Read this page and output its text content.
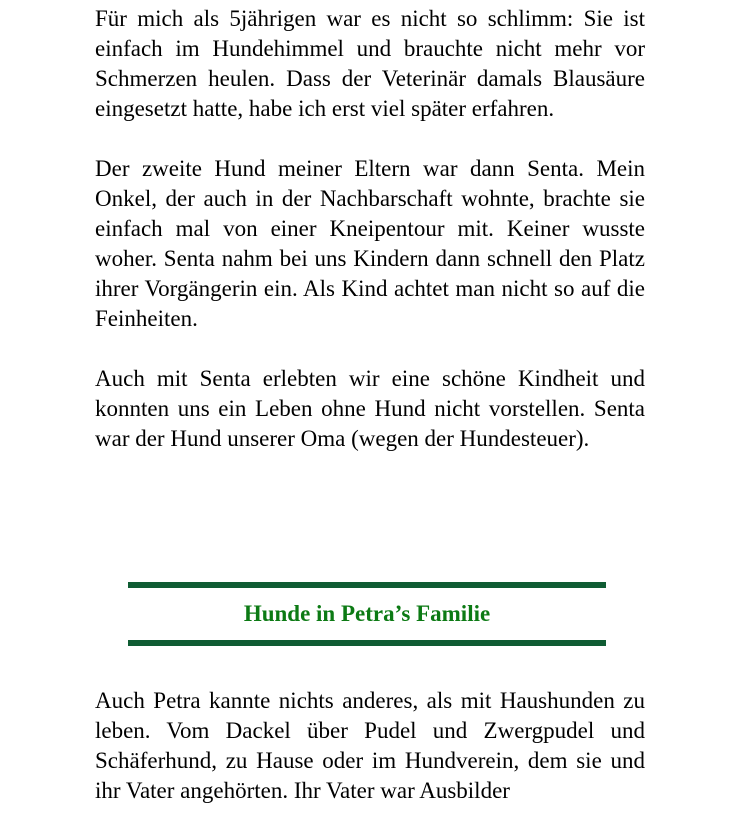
Für mich als 5jährigen war es nicht so schlimm: Sie ist einfach im Hundehimmel und brauchte nicht mehr vor Schmerzen heulen. Dass der Veterinär damals Blausäure eingesetzt hatte, habe ich erst viel später erfahren.

Der zweite Hund meiner Eltern war dann Senta. Mein Onkel, der auch in der Nachbarschaft wohnte, brachte sie einfach mal von einer Kneipentour mit. Keiner wusste woher. Senta nahm bei uns Kindern dann schnell den Platz ihrer Vorgängerin ein. Als Kind achtet man nicht so auf die Feinheiten.

Auch mit Senta erlebten wir eine schöne Kindheit und konnten uns ein Leben ohne Hund nicht vorstellen. Senta war der Hund unserer Oma (wegen der Hundesteuer).

Hunde in Petra’s Familie

Auch Petra kannte nichts anderes, als mit Haushunden zu leben. Vom Dackel über Pudel und Zwergpudel und Schäferhund, zu Hause oder im Hundverein, dem sie und ihr Vater angehörten. Ihr Vater war Ausbilder
